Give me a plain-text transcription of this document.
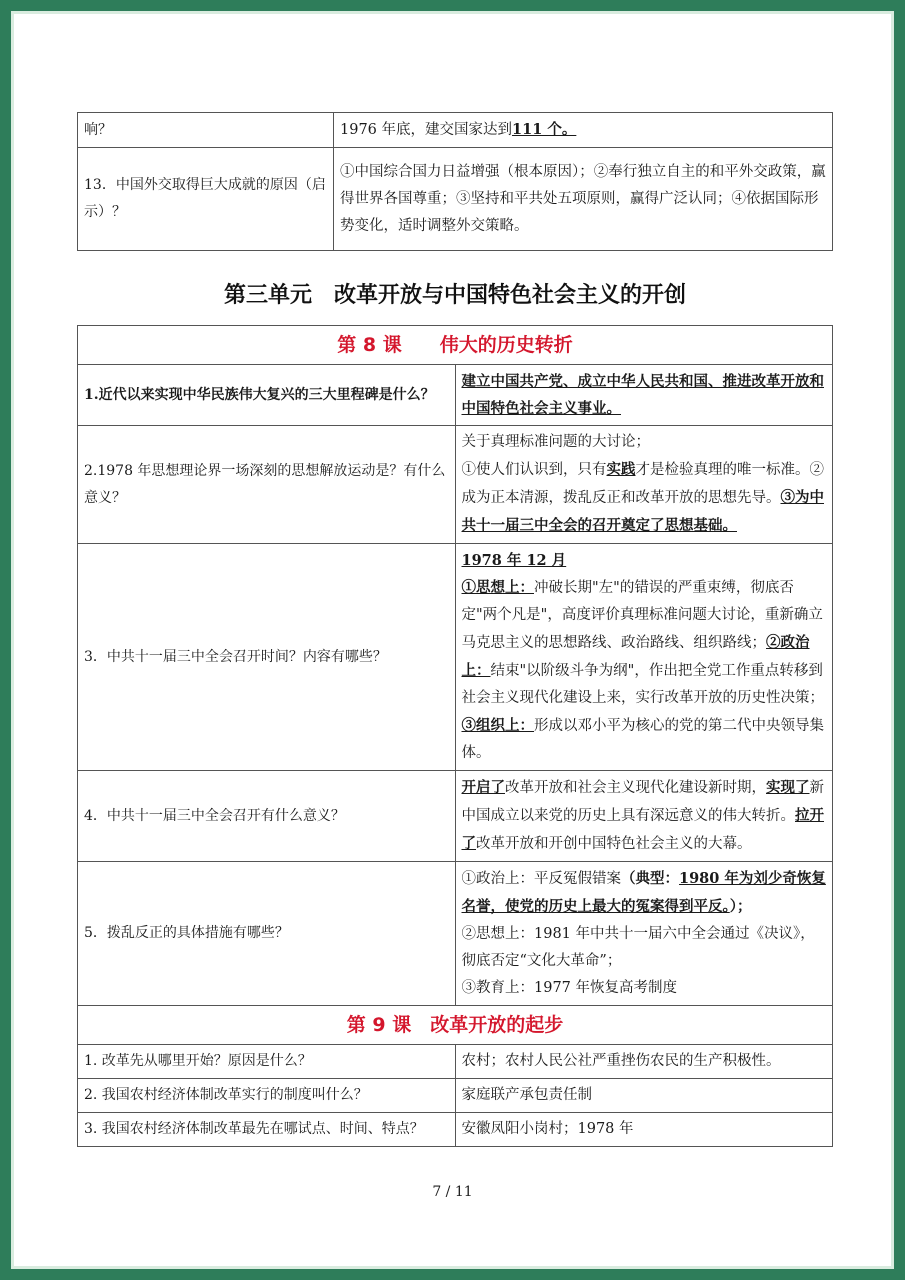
响？	1976 年底，建交国家达到111 个。
13．中国外交取得巨大成就的原因（启示）？	①中国综合国力日益增强（根本原因）；②奉行独立自主的和平外交政策，赢得世界各国尊重；③坚持和平共处五项原则，赢得广泛认同；④依据国际形势变化，适时调整外交策略。
第三单元　改革开放与中国特色社会主义的开创
第 8 课　　伟大的历史转折	
1.近代以来实现中华民族伟大复兴的三大里程碑是什么？	建立中国共产党、成立中华人民共和国、推进改革开放和中国特色社会主义事业。
2.1978 年思想理论界一场深刻的思想解放运动是？有什么意义？	关于真理标准问题的大讨论；
①使人们认识到，只有实践才是检验真理的唯一标准。②成为正本清源，拨乱反正和改革开放的思想先导。③为中共十一届三中全会的召开奠定了思想基础。

3．中共十一届三中全会召开时间？内容有哪些？	1978 年 12 月
①思想上：冲破长期"左"的错误的严重束缚，彻底否定"两个凡是"，高度评价真理标准问题大讨论，重新确立马克思主义的思想路线、政治路线、组织路线；②政治上：结束"以阶级斗争为纲"，作出把全党工作重点转移到社会主义现代化建设上来，实行改革开放的历史性决策；
③组织上：形成以邓小平为核心的党的第二代中央领导集体。

4．中共十一届三中全会召开有什么意义？	开启了改革开放和社会主义现代化建设新时期，实现了新中国成立以来党的历史上具有深远意义的伟大转折。拉开了改革开放和开创中国特色社会主义的大幕。
5．拨乱反正的具体措施有哪些？	①政治上：平反冤假错案（典型：1980 年为刘少奇恢复名誉，使党的历史上最大的冤案得到平反。）；
②思想上：1981 年中共十一届六中全会通过《决议》，彻底否定“文化大革命”；
③教育上：1977 年恢复高考制度

第 9 课　改革开放的起步	
1. 改革先从哪里开始？原因是什么？	农村；农村人民公社严重挫伤农民的生产积极性。
2. 我国农村经济体制改革实行的制度叫什么？	家庭联产承包责任制
3. 我国农村经济体制改革最先在哪试点、时间、特点？	安徽凤阳小岗村；1978 年
7 / 11
